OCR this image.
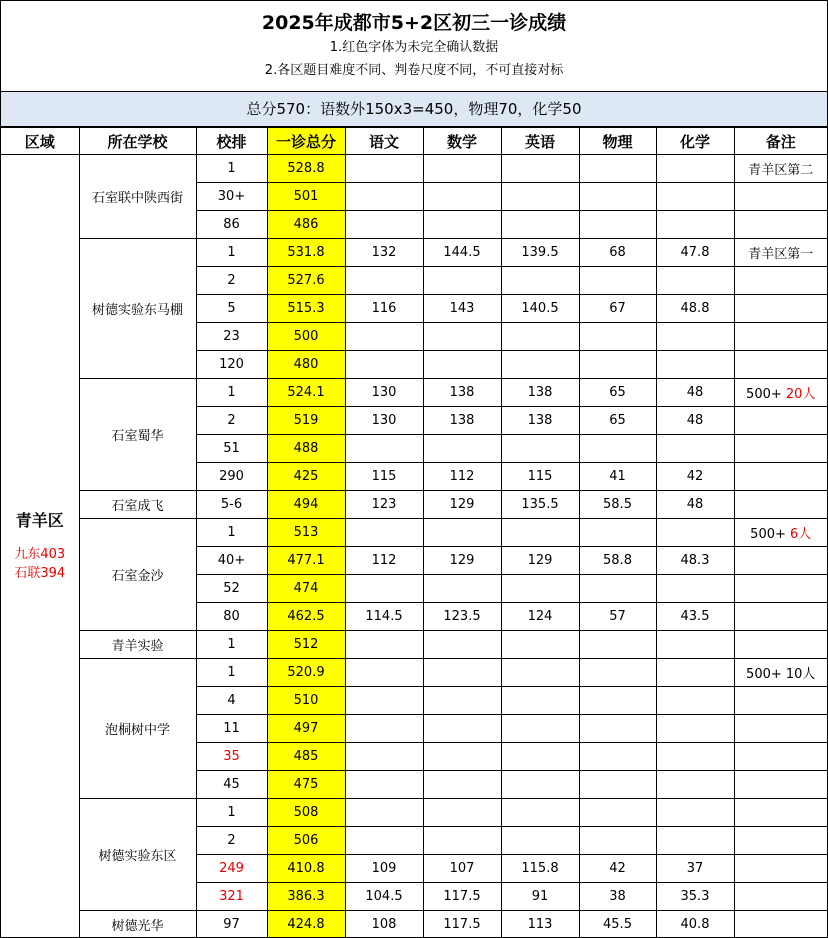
2025年成都市5+2区初三一诊成绩
1.红色字体为未完全确认数据
2.各区题目难度不同、判卷尺度不同，不可直接对标
总分570：语数外150x3=450，物理70，化学50
区域	所在学校	校排	一诊总分	语文	数学	英语	物理	化学	备注

青羊区
九东403
石联394	石室联中陕西街	1	528.8						青羊区第二
		30+	501						
		86	486						
	树德实验东马棚	1	531.8	132	144.5	139.5	68	47.8	青羊区第一
		2	527.6						
		5	515.3	116	143	140.5	67	48.8	
		23	500						
		120	480						
	石室蜀华	1	524.1	130	138	138	65	48	500+ 20人
		2	519	130	138	138	65	48	
		51	488						
		290	425	115	112	115	41	42	
	石室成飞	5-6	494	123	129	135.5	58.5	48	
	石室金沙	1	513						500+ 6人
		40+	477.1	112	129	129	58.8	48.3	
		52	474						
		80	462.5	114.5	123.5	124	57	43.5	
	青羊实验	1	512						
	泡桐树中学	1	520.9						500+ 10人
		4	510						
		11	497						
		35	485						
		45	475						
	树德实验东区	1	508						
		2	506						
		249	410.8	109	107	115.8	42	37	
		321	386.3	104.5	117.5	91	38	35.3	
	树德光华	97	424.8	108	117.5	113	45.5	40.8	
